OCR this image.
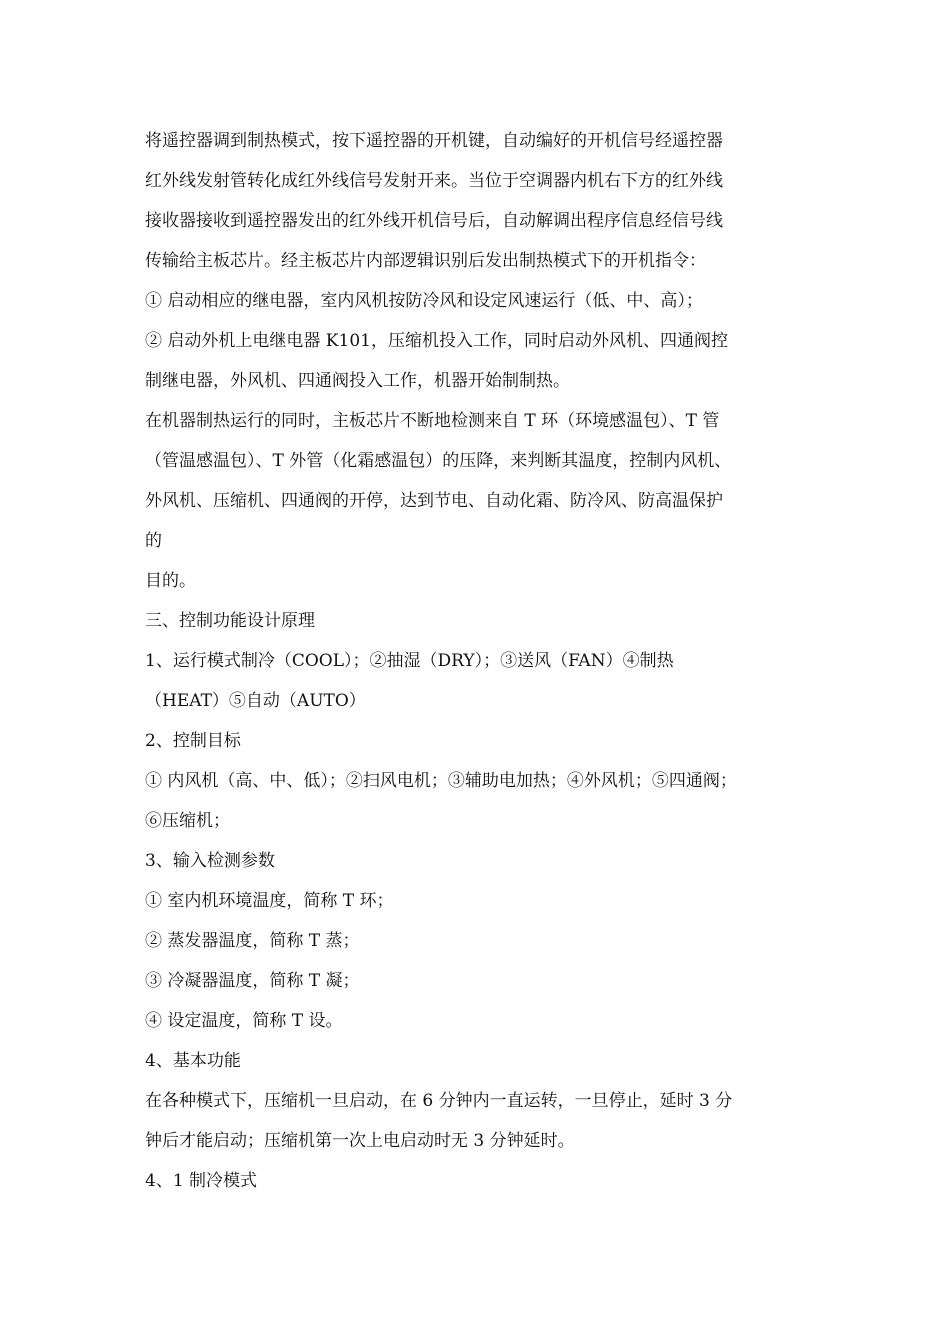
将遥控器调到制热模式，按下遥控器的开机键，自动编好的开机信号经遥控器
红外线发射管转化成红外线信号发射开来。当位于空调器内机右下方的红外线
接收器接收到遥控器发出的红外线开机信号后，自动解调出程序信息经信号线
传输给主板芯片。经主板芯片内部逻辑识别后发出制热模式下的开机指令：
① 启动相应的继电器，室内风机按防冷风和设定风速运行（低、中、高）；
② 启动外机上电继电器 K101，压缩机投入工作，同时启动外风机、四通阀控
制继电器，外风机、四通阀投入工作，机器开始制制热。
在机器制热运行的同时，主板芯片不断地检测来自 T 环（环境感温包）、T 管
（管温感温包）、T 外管（化霜感温包）的压降，来判断其温度，控制内风机、
外风机、压缩机、四通阀的开停，达到节电、自动化霜、防冷风、防高温保护
的
目的。
三、控制功能设计原理
1、运行模式制冷（COOL）；②抽湿（DRY）；③送风（FAN）④制热
（HEAT）⑤自动（AUTO）
2、控制目标
① 内风机（高、中、低）；②扫风电机；③辅助电加热；④外风机；⑤四通阀；
⑥压缩机；
3、输入检测参数
① 室内机环境温度，简称 T 环；
② 蒸发器温度，简称 T 蒸；
③ 冷凝器温度，简称 T 凝；
④ 设定温度，简称 T 设。
4、基本功能
在各种模式下，压缩机一旦启动，在 6 分钟内一直运转，一旦停止，延时 3 分
钟后才能启动；压缩机第一次上电启动时无 3 分钟延时。
4、1 制冷模式
